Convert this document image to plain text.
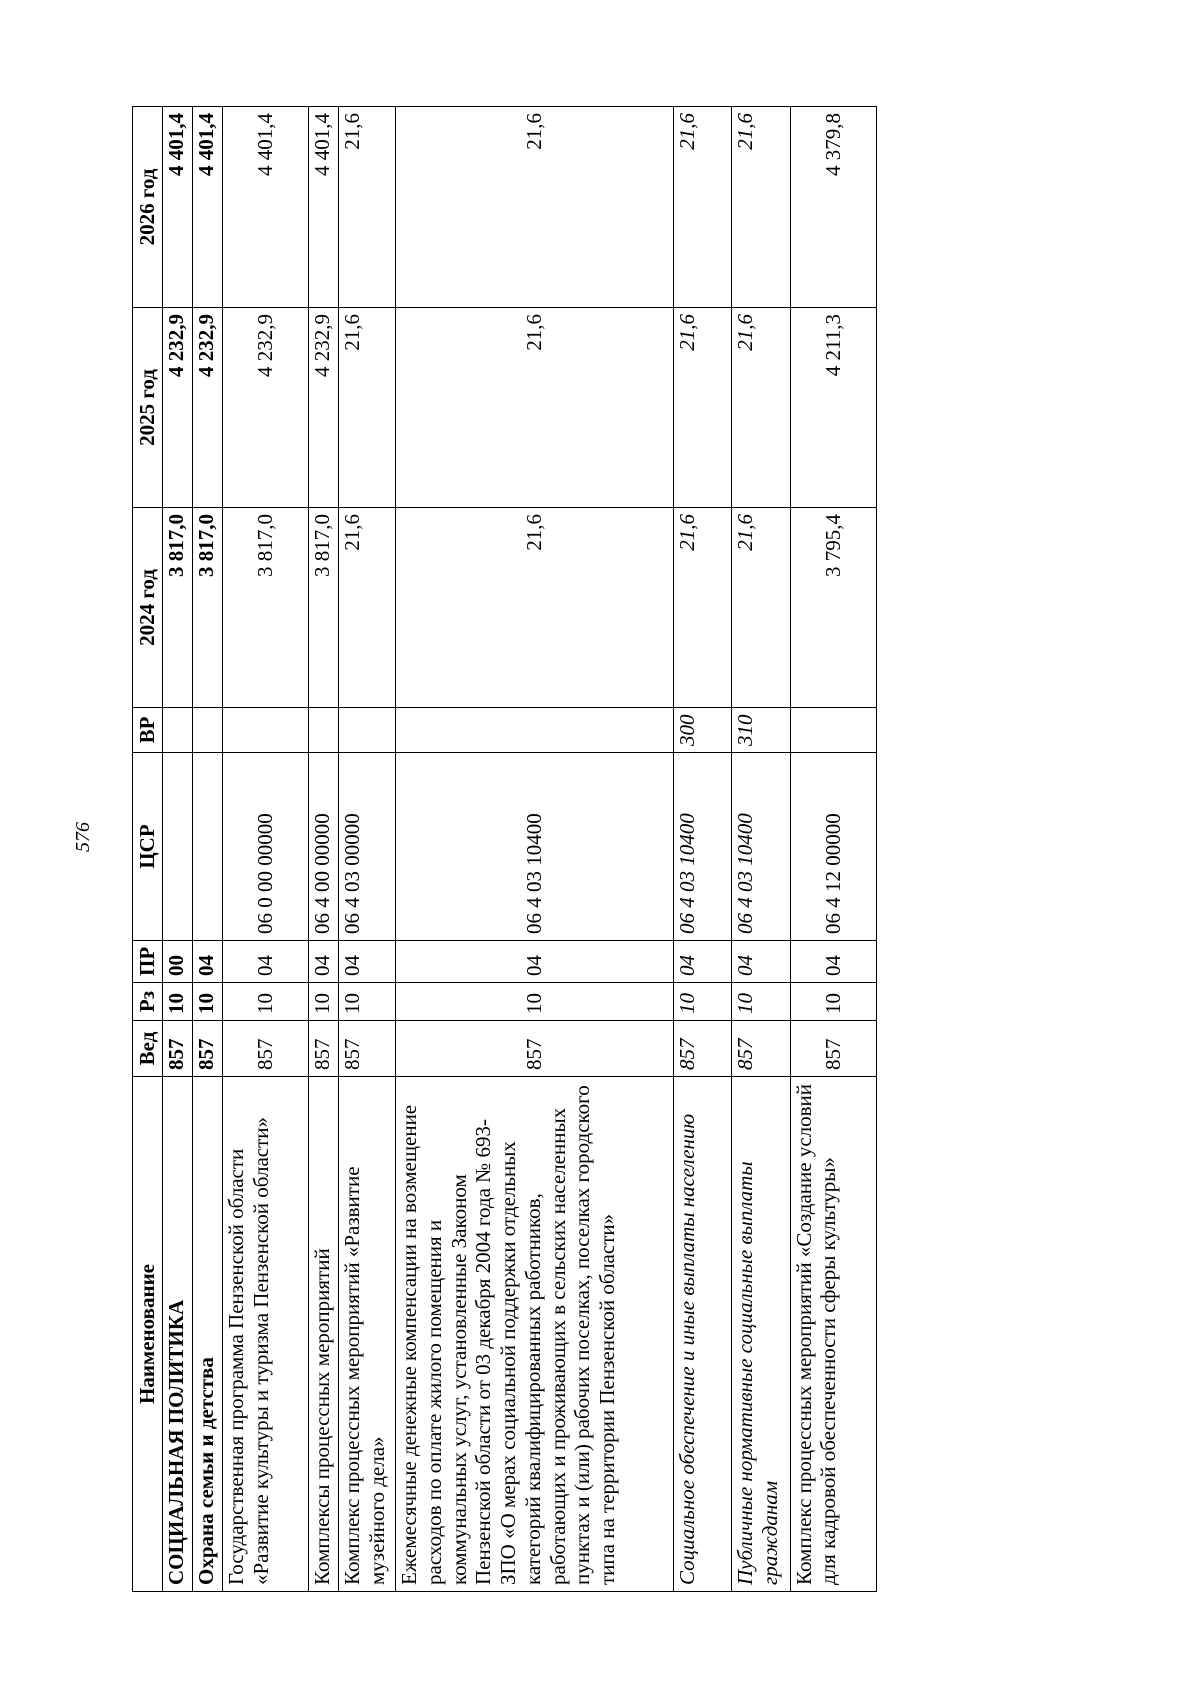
576
Наименование	Вед	Рз	ПР	ЦСР	ВР	2024 год	2025 год	2026 год
СОЦИАЛЬНАЯ ПОЛИТИКА	857	10	00			3 817,0	4 232,9	4 401,4
Охрана семьи и детства	857	10	04			3 817,0	4 232,9	4 401,4
Государственная программа Пензенской области «Развитие культуры и туризма Пензенской области»	857	10	04	06 0 00 00000		3 817,0	4 232,9	4 401,4
Комплексы процессных мероприятий	857	10	04	06 4 00 00000		3 817,0	4 232,9	4 401,4
Комплекс процессных мероприятий «Развитие музейного дела»	857	10	04	06 4 03 00000		21,6	21,6	21,6
Ежемесячные денежные компенсации на возмещение расходов по оплате жилого помещения и коммунальных услуг, установленные Законом Пензенской области от 03 декабря 2004 года № 693-ЗПО «О мерах социальной поддержки отдельных категорий квалифицированных работников, работающих и проживающих в сельских населенных пунктах и (или) рабочих поселках, поселках городского типа на территории Пензенской области»	857	10	04	06 4 03 10400		21,6	21,6	21,6
Социальное обеспечение и иные выплаты населению	857	10	04	06 4 03 10400	300	21,6	21,6	21,6
Публичные нормативные социальные выплаты гражданам	857	10	04	06 4 03 10400	310	21,6	21,6	21,6
Комплекс процессных мероприятий «Создание условий для кадровой обеспеченности сферы культуры»	857	10	04	06 4 12 00000		3 795,4	4 211,3	4 379,8
